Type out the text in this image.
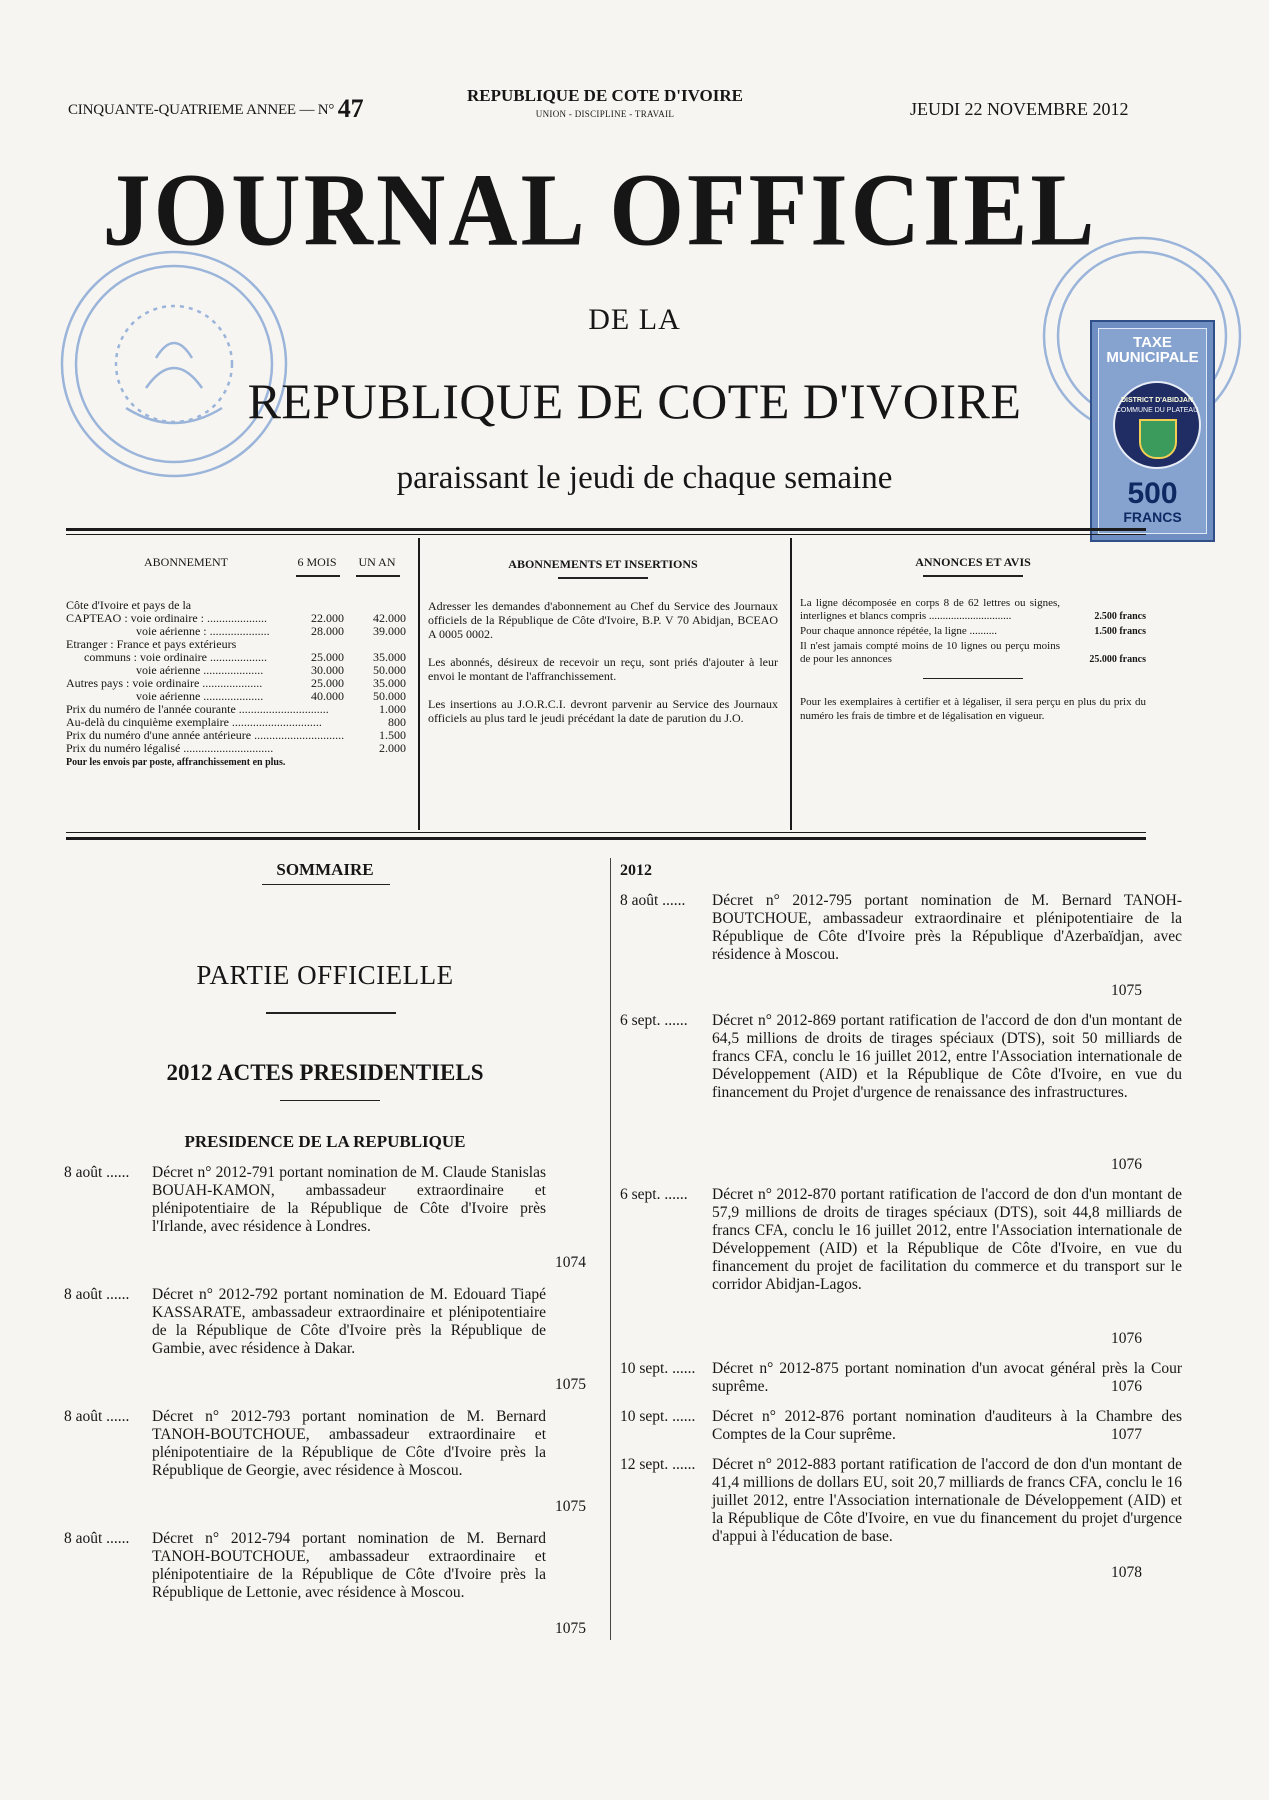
CINQUANTE-QUATRIEME ANNEE — N° 47	REPUBLIQUE DE COTE D'IVOIRE
UNION - DISCIPLINE - TRAVAIL	JEUDI 22 NOVEMBRE 2012
TAXE MUNICIPALE
DISTRICT D'ABIDJAN
COMMUNE DU PLATEAU
500
FRANCS
JOURNAL OFFICIEL
DE LA
REPUBLIQUE DE COTE D'IVOIRE
paraissant le jeudi de chaque semaine
ABONNEMENT	6 MOIS	UN AN
Côte d'Ivoire et pays de la
CAPTEAO : voie ordinaire : ....................	22.000	42.000
voie aérienne : ....................	28.000	39.000
Etranger : France et pays extérieurs
communs : voie ordinaire ...................	25.000	35.000
voie aérienne ....................	30.000	50.000
Autres pays : voie ordinaire ....................	25.000	35.000
voie aérienne ....................	40.000	50.000
Prix du numéro de l'année courante ..............................	1.000
Au-delà du cinquième exemplaire ..............................	800
Prix du numéro d'une année antérieure ..............................	1.500
Prix du numéro légalisé ..............................	2.000
Pour les envois par poste, affranchissement en plus.
ABONNEMENTS ET INSERTIONS
Adresser les demandes d'abonnement au Chef du Service des Journaux officiels de la République de Côte d'Ivoire, B.P. V 70 Abidjan, BCEAO A 0005 0002.
Les abonnés, désireux de recevoir un reçu, sont priés d'ajouter à leur envoi le montant de l'affranchissement.
Les insertions au J.O.R.C.I. devront parvenir au Service des Journaux officiels au plus tard le jeudi précédant la date de parution du J.O.
ANNONCES ET AVIS
La ligne décomposée en corps 8 de 62 lettres ou signes, interlignes et blancs compris ..............................	2.500 francs
Pour chaque annonce répétée, la ligne ..........	1.500 francs
Il n'est jamais compté moins de 10 lignes ou perçu moins de pour les annonces	25.000 francs
Pour les exemplaires à certifier et à légaliser, il sera perçu en plus du prix du numéro les frais de timbre et de légalisation en vigueur.
SOMMAIRE
PARTIE OFFICIELLE
2012 ACTES PRESIDENTIELS
PRESIDENCE DE LA REPUBLIQUE
2012
8 août ...... Décret n° 2012-791 portant nomination de M. Claude Stanislas BOUAH-KAMON, ambassadeur extraordinaire et plénipotentiaire de la République de Côte d'Ivoire près l'Irlande, avec résidence à Londres.
1074
8 août ...... Décret n° 2012-792 portant nomination de M. Edouard Tiapé KASSARATE, ambassadeur extraordinaire et plénipotentiaire de la République de Côte d'Ivoire près la République de Gambie, avec résidence à Dakar.
1075
8 août ...... Décret n° 2012-793 portant nomination de M. Bernard TANOH-BOUTCHOUE, ambassadeur extraordinaire et plénipotentiaire de la République de Côte d'Ivoire près la République de Georgie, avec résidence à Moscou.
1075
8 août ...... Décret n° 2012-794 portant nomination de M. Bernard TANOH-BOUTCHOUE, ambassadeur extraordinaire et plénipotentiaire de la République de Côte d'Ivoire près la République de Lettonie, avec résidence à Moscou.
1075
8 août ...... Décret n° 2012-795 portant nomination de M. Bernard TANOH-BOUTCHOUE, ambassadeur extraordinaire et plénipotentiaire de la République de Côte d'Ivoire près la République d'Azerbaïdjan, avec résidence à Moscou.
1075
6 sept. ...... Décret n° 2012-869 portant ratification de l'accord de don d'un montant de 64,5 millions de droits de tirages spéciaux (DTS), soit 50 milliards de francs CFA, conclu le 16 juillet 2012, entre l'Association internationale de Développement (AID) et la République de Côte d'Ivoire, en vue du financement du Projet d'urgence de renaissance des infrastructures.
1076
6 sept. ...... Décret n° 2012-870 portant ratification de l'accord de don d'un montant de 57,9 millions de droits de tirages spéciaux (DTS), soit 44,8 milliards de francs CFA, conclu le 16 juillet 2012, entre l'Association internationale de Développement (AID) et la République de Côte d'Ivoire, en vue du financement du projet de facilitation du commerce et du transport sur le corridor Abidjan-Lagos.
1076
10 sept. ...... Décret n° 2012-875 portant nomination d'un avocat général près la Cour suprême.	1076
10 sept. ...... Décret n° 2012-876 portant nomination d'auditeurs à la Chambre des Comptes de la Cour suprême.	1077
12 sept. ...... Décret n° 2012-883 portant ratification de l'accord de don d'un montant de 41,4 millions de dollars EU, soit 20,7 milliards de francs CFA, conclu le 16 juillet 2012, entre l'Association internationale de Développement (AID) et la République de Côte d'Ivoire, en vue du financement du projet d'urgence d'appui à l'éducation de base.
1078
